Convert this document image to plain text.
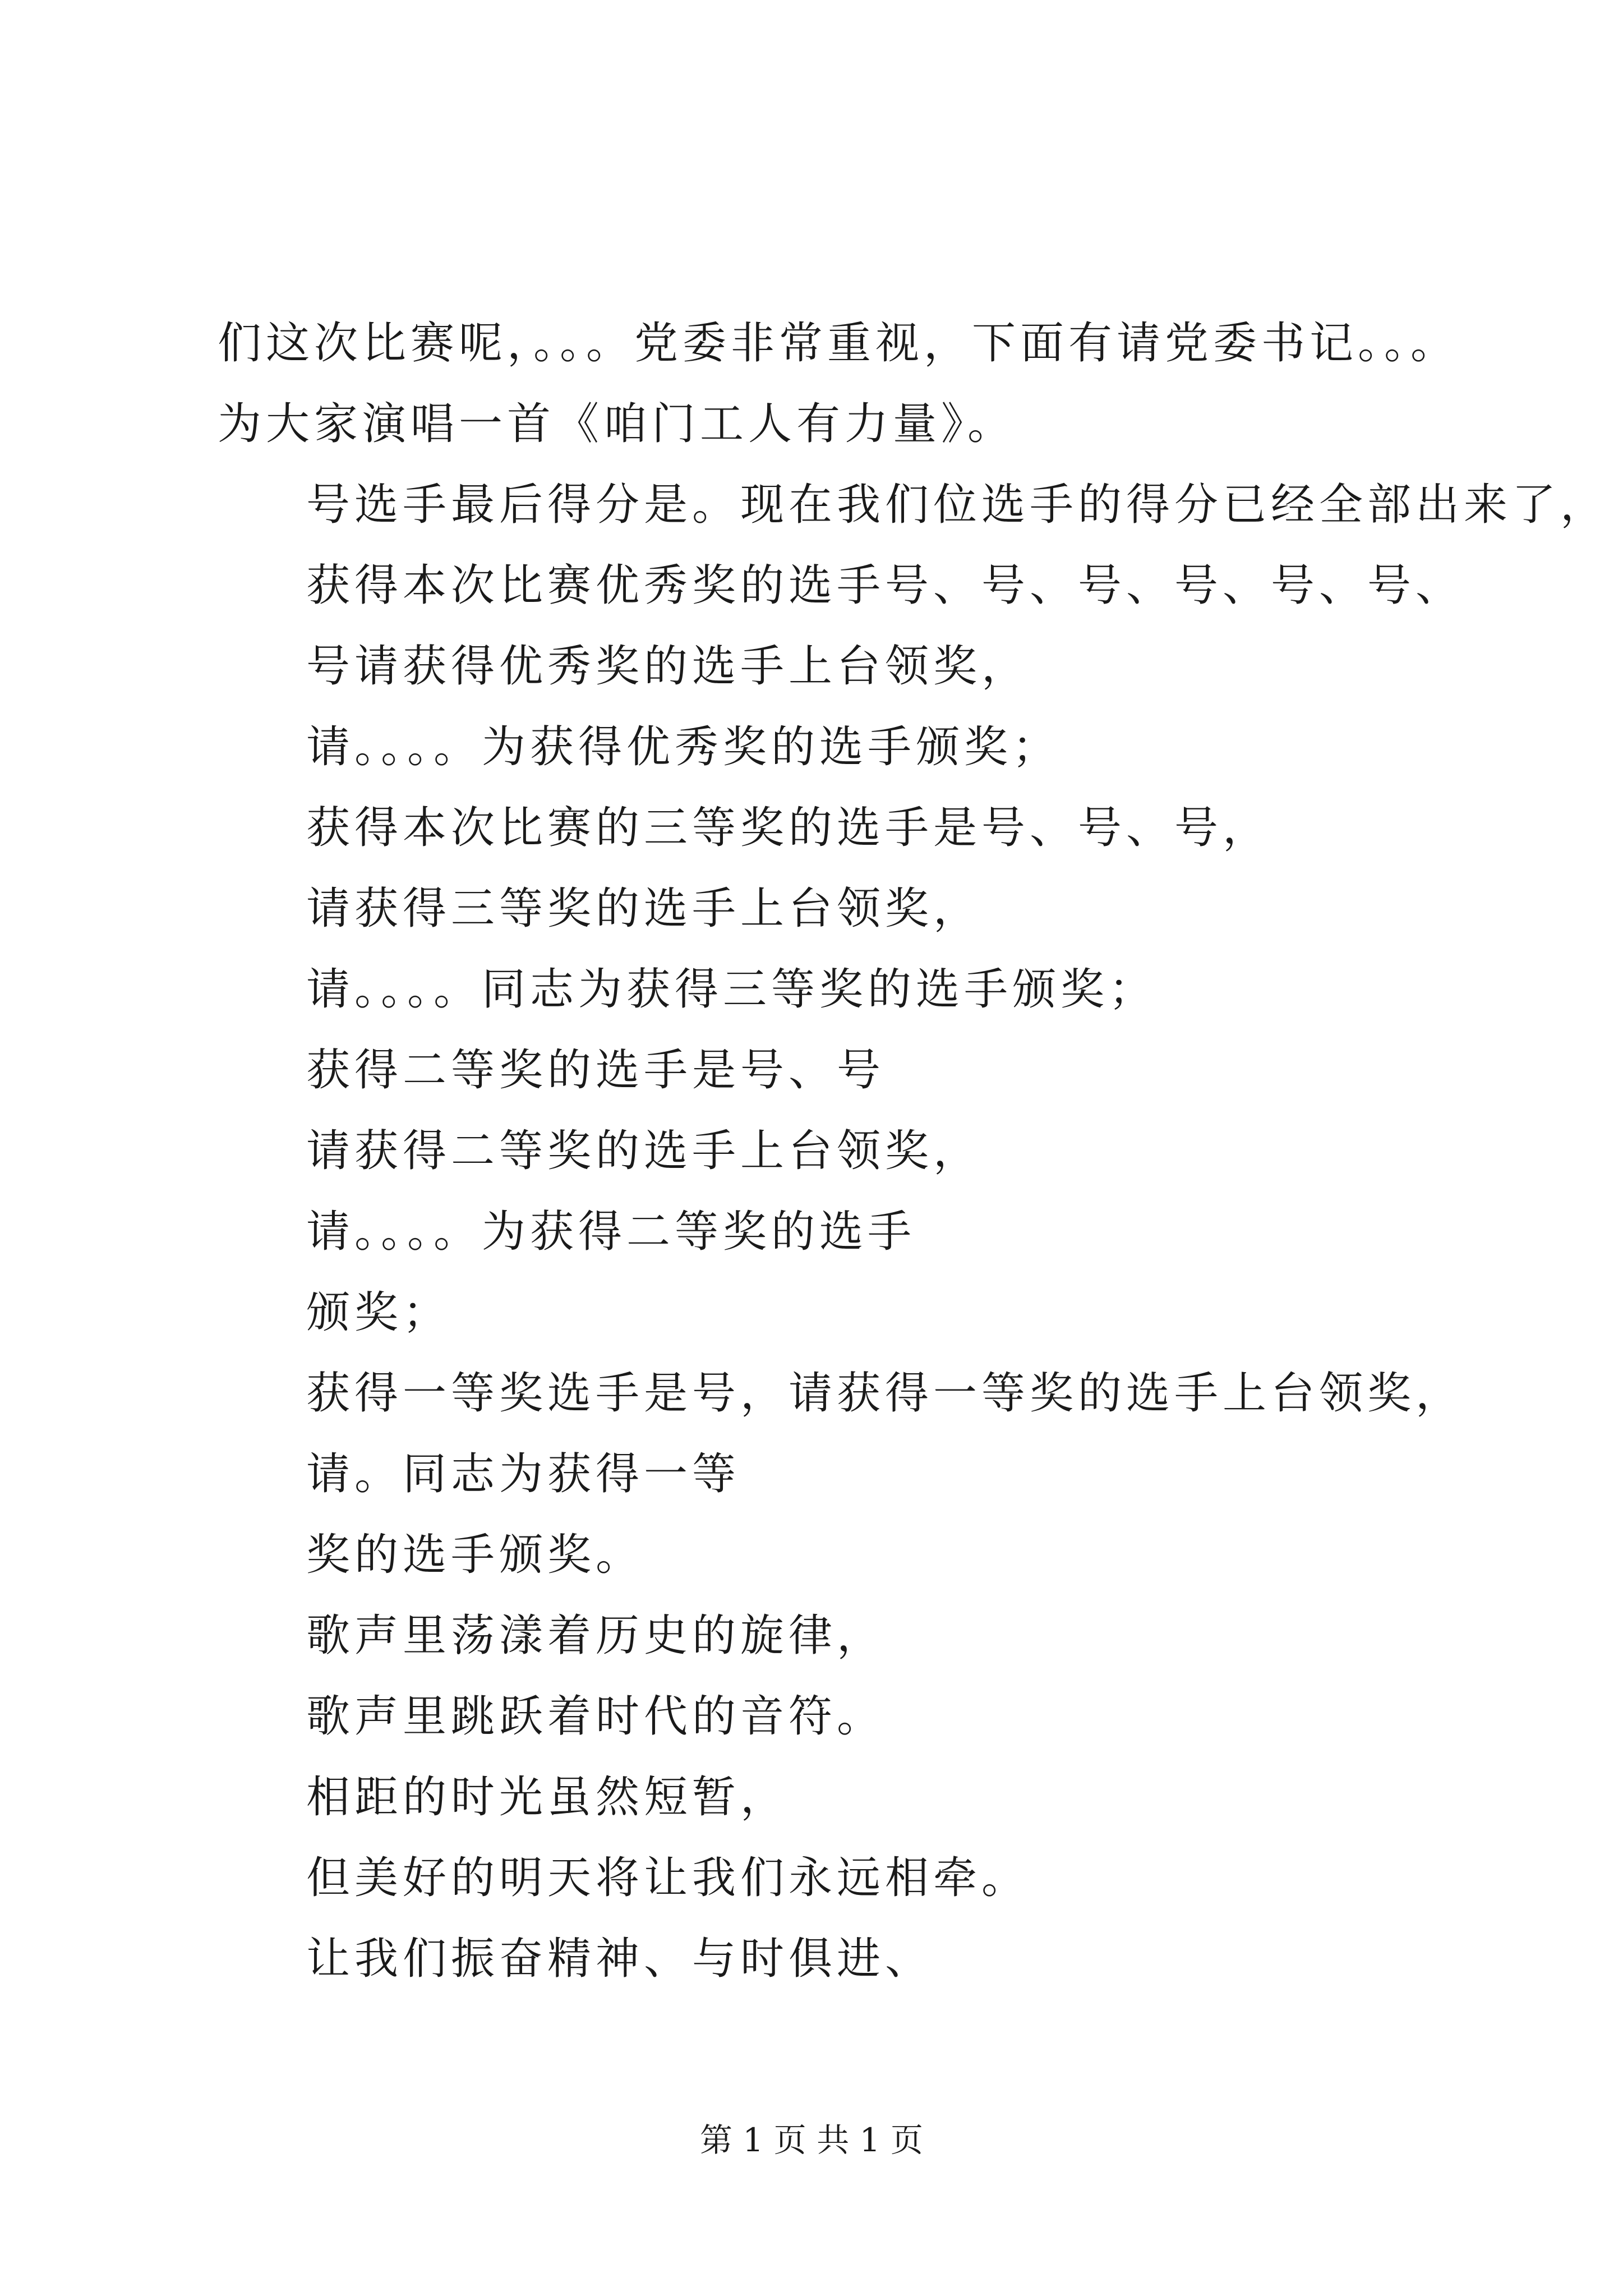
们这次比赛呢，。。。党委非常重视，下面有请党委书记。。。为大家演唱一首《咱门工人有力量》。

号选手最后得分是。现在我们位选手的得分已经全部出来了，

获得本次比赛优秀奖的选手号、号、号、号、号、号、号请获得优秀奖的选手上台领奖，

请。。。。为获得优秀奖的选手颁奖；

获得本次比赛的三等奖的选手是号、号、号，

请获得三等奖的选手上台领奖，

请。。。。同志为获得三等奖的选手颁奖；

获得二等奖的选手是号、号

请获得二等奖的选手上台领奖，

请。。。。为获得二等奖的选手

颁奖；

获得一等奖选手是号，请获得一等奖的选手上台领奖，

请。同志为获得一等

奖的选手颁奖。

歌声里荡漾着历史的旋律，

歌声里跳跃着时代的音符。

相距的时光虽然短暂，

但美好的明天将让我们永远相牵。

让我们振奋精神、与时俱进、

第 1 页 共 1 页
